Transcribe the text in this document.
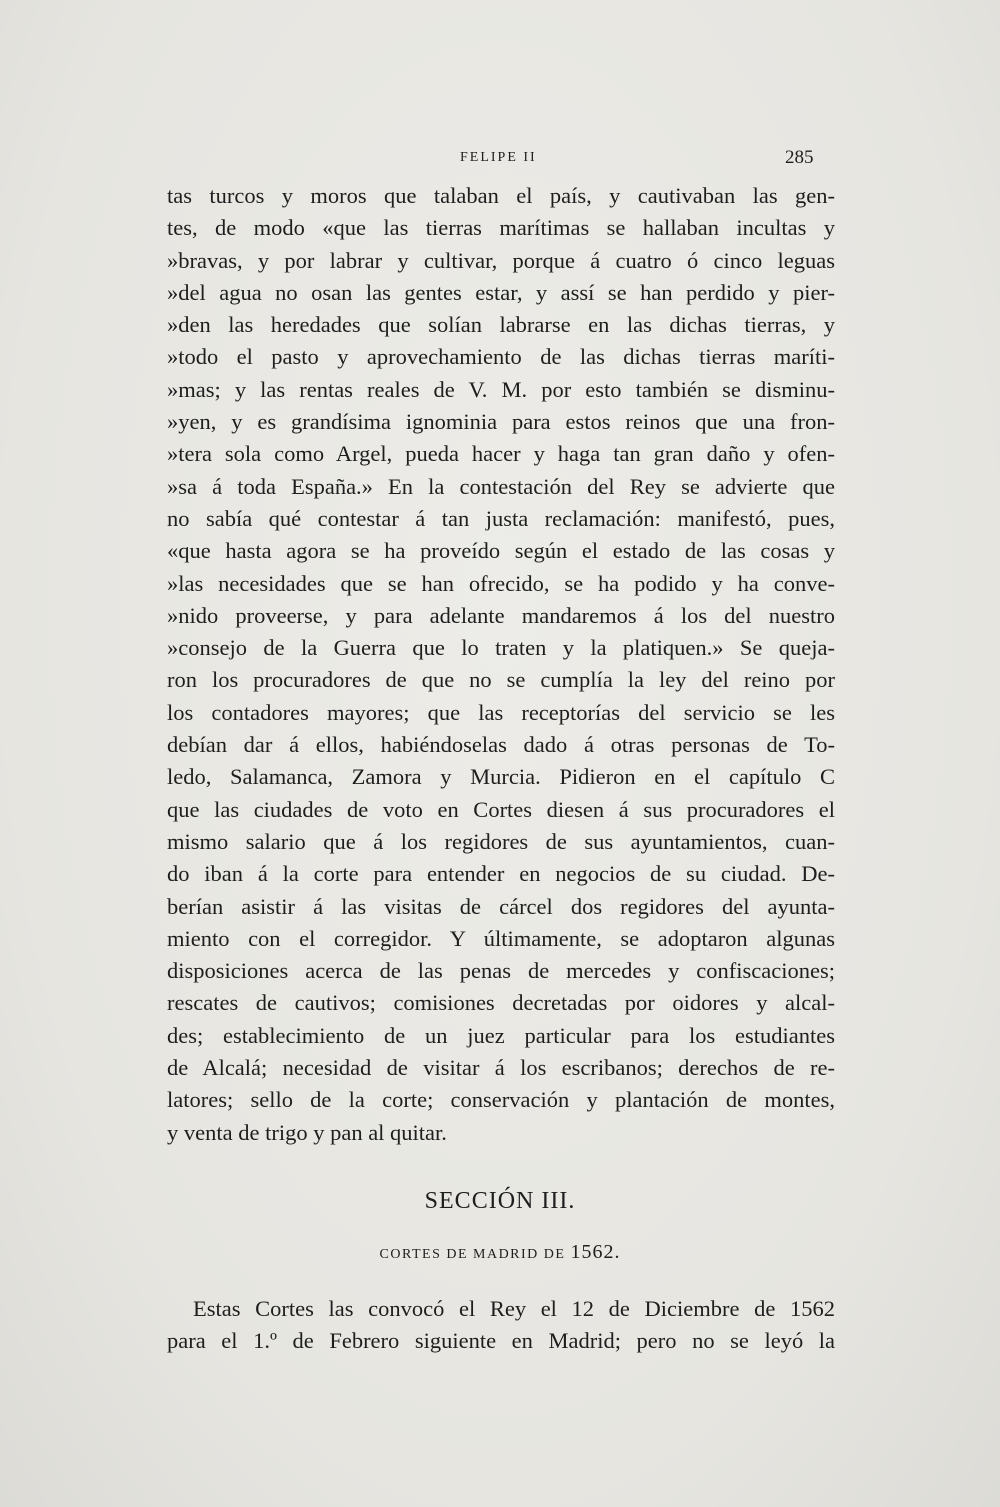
FELIPE II	285
tas turcos y moros que talaban el país, y cautivaban las gen-
tes, de modo «que las tierras marítimas se hallaban incultas y
»bravas, y por labrar y cultivar, porque á cuatro ó cinco leguas
»del agua no osan las gentes estar, y assí se han perdido y pier-
»den las heredades que solían labrarse en las dichas tierras, y
»todo el pasto y aprovechamiento de las dichas tierras maríti-
»mas; y las rentas reales de V. M. por esto también se disminu-
»yen, y es grandísima ignominia para estos reinos que una fron-
»tera sola como Argel, pueda hacer y haga tan gran daño y ofen-
»sa á toda España.» En la contestación del Rey se advierte que
no sabía qué contestar á tan justa reclamación: manifestó, pues,
«que hasta agora se ha proveído según el estado de las cosas y
»las necesidades que se han ofrecido, se ha podido y ha conve-
»nido proveerse, y para adelante mandaremos á los del nuestro
»consejo de la Guerra que lo traten y la platiquen.» Se queja-
ron los procuradores de que no se cumplía la ley del reino por
los contadores mayores; que las receptorías del servicio se les
debían dar á ellos, habiéndoselas dado á otras personas de To-
ledo, Salamanca, Zamora y Murcia. Pidieron en el capítulo C
que las ciudades de voto en Cortes diesen á sus procuradores el
mismo salario que á los regidores de sus ayuntamientos, cuan-
do iban á la corte para entender en negocios de su ciudad. De-
berían asistir á las visitas de cárcel dos regidores del ayunta-
miento con el corregidor. Y últimamente, se adoptaron algunas
disposiciones acerca de las penas de mercedes y confiscaciones;
rescates de cautivos; comisiones decretadas por oidores y alcal-
des; establecimiento de un juez particular para los estudiantes
de Alcalá; necesidad de visitar á los escribanos; derechos de re-
latores; sello de la corte; conservación y plantación de montes,
y venta de trigo y pan al quitar.
SECCIÓN III.
CORTES DE MADRID DE 1562.
Estas Cortes las convocó el Rey el 12 de Diciembre de 1562
para el 1.º de Febrero siguiente en Madrid; pero no se leyó la
